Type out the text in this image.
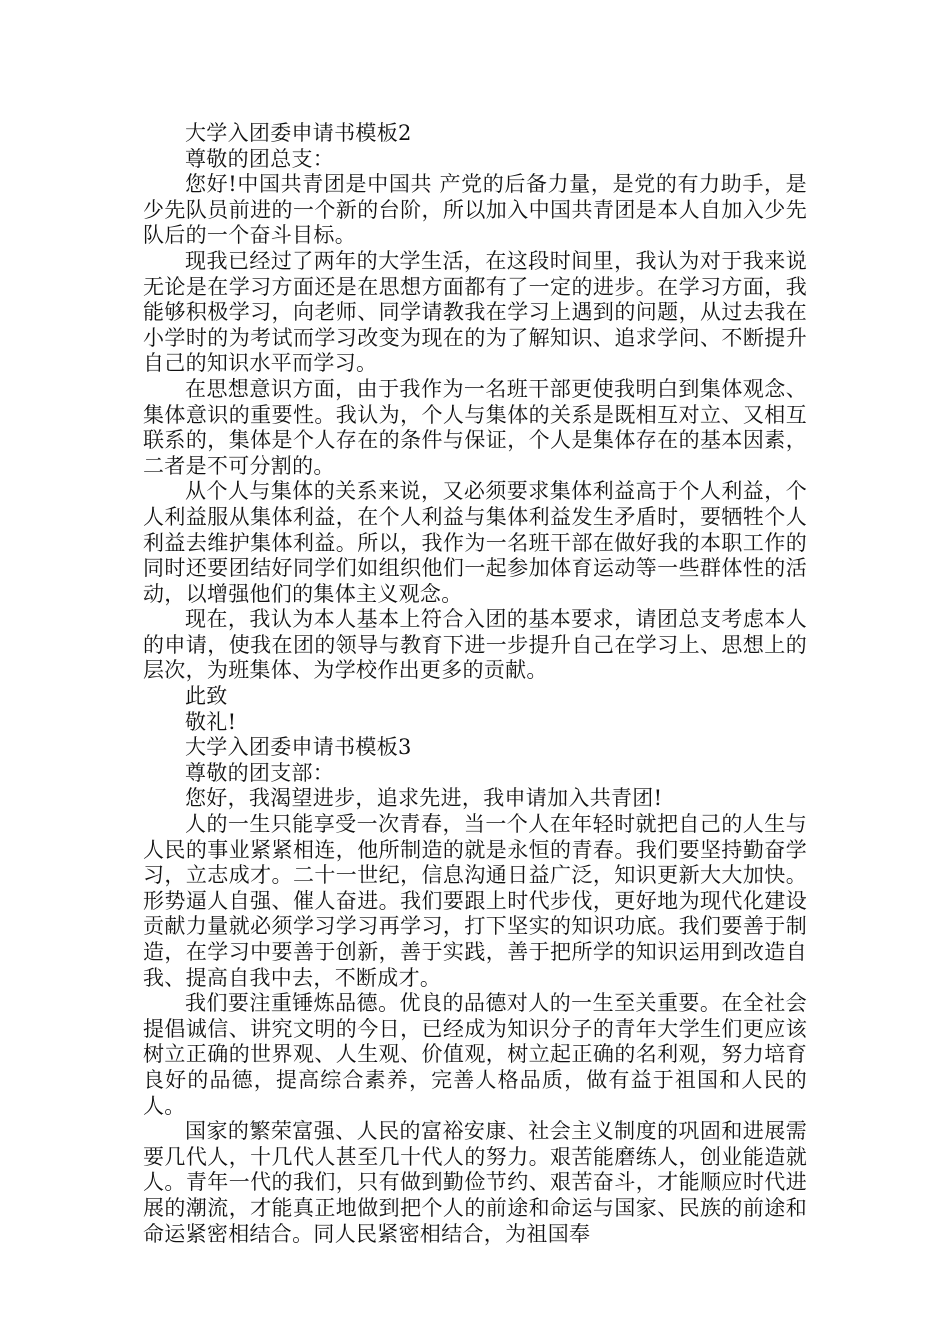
大学入团委申请书模板2

尊敬的团总支：

您好!中国共青团是中国共 产党的后备力量，是党的有力助手，是少先队员前进的一个新的台阶，所以加入中国共青团是本人自加入少先队后的一个奋斗目标。

现我已经过了两年的大学生活，在这段时间里，我认为对于我来说无论是在学习方面还是在思想方面都有了一定的进步。在学习方面，我能够积极学习，向老师、同学请教我在学习上遇到的问题，从过去我在小学时的为考试而学习改变为现在的为了解知识、追求学问、不断提升自己的知识水平而学习。

在思想意识方面，由于我作为一名班干部更使我明白到集体观念、集体意识的重要性。我认为，个人与集体的关系是既相互对立、又相互联系的，集体是个人存在的条件与保证，个人是集体存在的基本因素，二者是不可分割的。

从个人与集体的关系来说，又必须要求集体利益高于个人利益，个人利益服从集体利益，在个人利益与集体利益发生矛盾时，要牺牲个人利益去维护集体利益。所以，我作为一名班干部在做好我的本职工作的同时还要团结好同学们如组织他们一起参加体育运动等一些群体性的活动，以增强他们的集体主义观念。

现在，我认为本人基本上符合入团的基本要求，请团总支考虑本人的申请，使我在团的领导与教育下进一步提升自己在学习上、思想上的层次，为班集体、为学校作出更多的贡献。

此致

敬礼!

大学入团委申请书模板3

尊敬的团支部：

您好，我渴望进步，追求先进，我申请加入共青团!

人的一生只能享受一次青春，当一个人在年轻时就把自己的人生与人民的事业紧紧相连，他所制造的就是永恒的青春。我们要坚持勤奋学习，立志成才。二十一世纪，信息沟通日益广泛，知识更新大大加快。形势逼人自强、催人奋进。我们要跟上时代步伐，更好地为现代化建设贡献力量就必须学习学习再学习，打下坚实的知识功底。我们要善于制造，在学习中要善于创新，善于实践，善于把所学的知识运用到改造自我、提高自我中去，不断成才。

我们要注重锤炼品德。优良的品德对人的一生至关重要。在全社会提倡诚信、讲究文明的今日，已经成为知识分子的青年大学生们更应该树立正确的世界观、人生观、价值观，树立起正确的名利观，努力培育良好的品德，提高综合素养，完善人格品质，做有益于祖国和人民的人。

国家的繁荣富强、人民的富裕安康、社会主义制度的巩固和进展需要几代人，十几代人甚至几十代人的努力。艰苦能磨练人，创业能造就人。青年一代的我们，只有做到勤俭节约、艰苦奋斗，才能顺应时代进展的潮流，才能真正地做到把个人的前途和命运与国家、民族的前途和命运紧密相结合。同人民紧密相结合，为祖国奉
